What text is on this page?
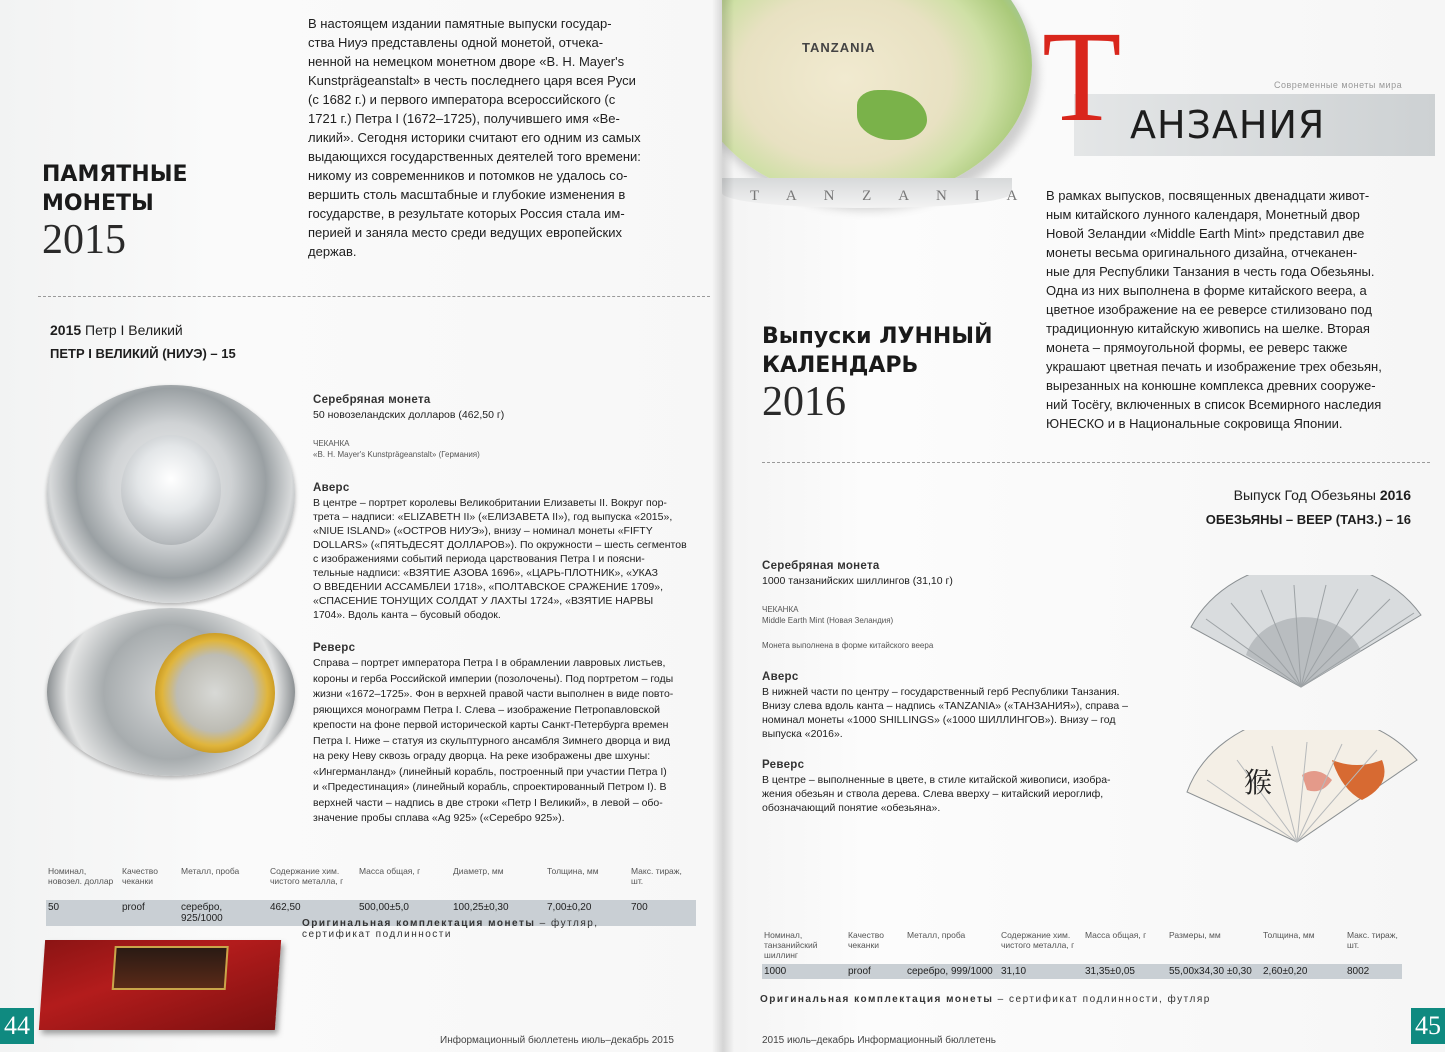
В настоящем издании памятные выпуски государ-
ства Ниуэ представлены одной монетой, отчека-
ненной на немецком монетном дворе «B. H. Mayer's
Kunstprägeanstalt» в честь последнего царя всея Руси
(с 1682 г.) и первого императора всероссийского (с
1721 г.) Петра I (1672–1725), получившего имя «Ве-
ликий». Сегодня историки считают его одним из самых
выдающихся государственных деятелей того времени:
никому из современников и потомков не удалось со-
вершить столь масштабные и глубокие изменения в
государстве, в результате которых Россия стала им-
перией и заняла место среди ведущих европейских
держав.
ПАМЯТНЫЕ
МОНЕТЫ
2015
2015 Петр I Великий
ПЕТР I ВЕЛИКИЙ (НИУЭ) – 15
Серебряная монета
50 новозеландских долларов (462,50 г)
ЧЕКАНКА
«B. H. Mayer's Kunstprägeanstalt» (Германия)
Аверс
В центре – портрет королевы Великобритании Елизаветы II. Вокруг пор-
трета – надписи: «ELIZABETH II» («ЕЛИЗАВЕТА II»), год выпуска «2015»,
«NIUE ISLAND» («ОСТРОВ НИУЭ»), внизу – номинал монеты «FIFTY
DOLLARS» («ПЯТЬДЕСЯТ ДОЛЛАРОВ»). По окружности – шесть сегментов
с изображениями событий периода царствования Петра I и поясни-
тельные надписи: «ВЗЯТИЕ АЗОВА 1696», «ЦАРЬ-ПЛОТНИК», «УКАЗ
О ВВЕДЕНИИ АССАМБЛЕИ 1718», «ПОЛТАВСКОЕ СРАЖЕНИЕ 1709»,
«СПАСЕНИЕ ТОНУЩИХ СОЛДАТ У ЛАХТЫ 1724», «ВЗЯТИЕ НАРВЫ
1704». Вдоль канта – бусовый ободок.
Реверс
Справа – портрет императора Петра I в обрамлении лавровых листьев,
короны и герба Российской империи (позолочены). Под портретом – годы
жизни «1672–1725». Фон в верхней правой части выполнен в виде повто-
ряющихся монограмм Петра I. Слева – изображение Петропавловской
крепости на фоне первой исторической карты Санкт-Петербурга времен
Петра I. Ниже – статуя из скульптурного ансамбля Зимнего дворца и вид
на реку Неву сквозь ограду дворца. На реке изображены две шхуны:
«Ингерманланд» (линейный корабль, построенный при участии Петра I)
и «Предестинация» (линейный корабль, спроектированный Петром I). В
верхней части – надпись в две строки «Петр I Великий», в левой – обо-
значение пробы сплава «Ag 925» («Серебро 925»).
Номинал, новозел. доллар	Качество чеканки	Металл, проба	Содержание хим. чистого металла, г	Масса общая, г	Диаметр, мм	Толщина, мм	Макс. тираж, шт.
50	proof	серебро, 925/1000	462,50	500,00±5,0	100,25±0,30	7,00±0,20	700
Оригинальная комплектация монеты – футляр, сертификат подлинности
44
Информационный бюллетень июль–декабрь 2015
TANZANIA
T A N Z A N I A
Современные монеты мира
Т АНЗАНИЯ
В рамках выпусков, посвященных двенадцати живот-
ным китайского лунного календаря, Монетный двор
Новой Зеландии «Middle Earth Mint» представил две
монеты весьма оригинального дизайна, отчеканен-
ные для Республики Танзания в честь года Обезьяны.
Одна из них выполнена в форме китайского веера, а
цветное изображение на ее реверсе стилизовано под
традиционную китайскую живопись на шелке. Вторая
монета – прямоугольной формы, ее реверс также
украшают цветная печать и изображение трех обезьян,
вырезанных на конюшне комплекса древних сооруже-
ний Тосёгу, включенных в список Всемирного наследия
ЮНЕСКО и в Национальные сокровища Японии.
Выпуски ЛУННЫЙ
КАЛЕНДАРЬ
2016
Выпуск Год Обезьяны 2016
ОБЕЗЬЯНЫ – ВЕЕР (ТАНЗ.) – 16
Серебряная монета
1000 танзанийских шиллингов (31,10 г)
ЧЕКАНКА
Middle Earth Mint (Новая Зеландия)
Монета выполнена в форме китайского веера
Аверс
В нижней части по центру – государственный герб Республики Танзания.
Внизу слева вдоль канта – надпись «TANZANIA» («ТАНЗАНИЯ»), справа –
номинал монеты «1000 SHILLINGS» («1000 ШИЛЛИНГОВ»). Внизу – год
выпуска «2016».
Реверс
В центре – выполненные в цвете, в стиле китайской живописи, изобра-
жения обезьян и ствола дерева. Слева вверху – китайский иероглиф,
обозначающий понятие «обезьяна».
猴
Номинал, танзанийский шиллинг	Качество чеканки	Металл, проба	Содержание хим. чистого металла, г	Масса общая, г	Размеры, мм	Толщина, мм	Макс. тираж, шт.
1000	proof	серебро, 999/1000	31,10	31,35±0,05	55,00х34,30 ±0,30	2,60±0,20	8002
Оригинальная комплектация монеты – сертификат подлинности, футляр
2015 июль–декабрь Информационный бюллетень
45
